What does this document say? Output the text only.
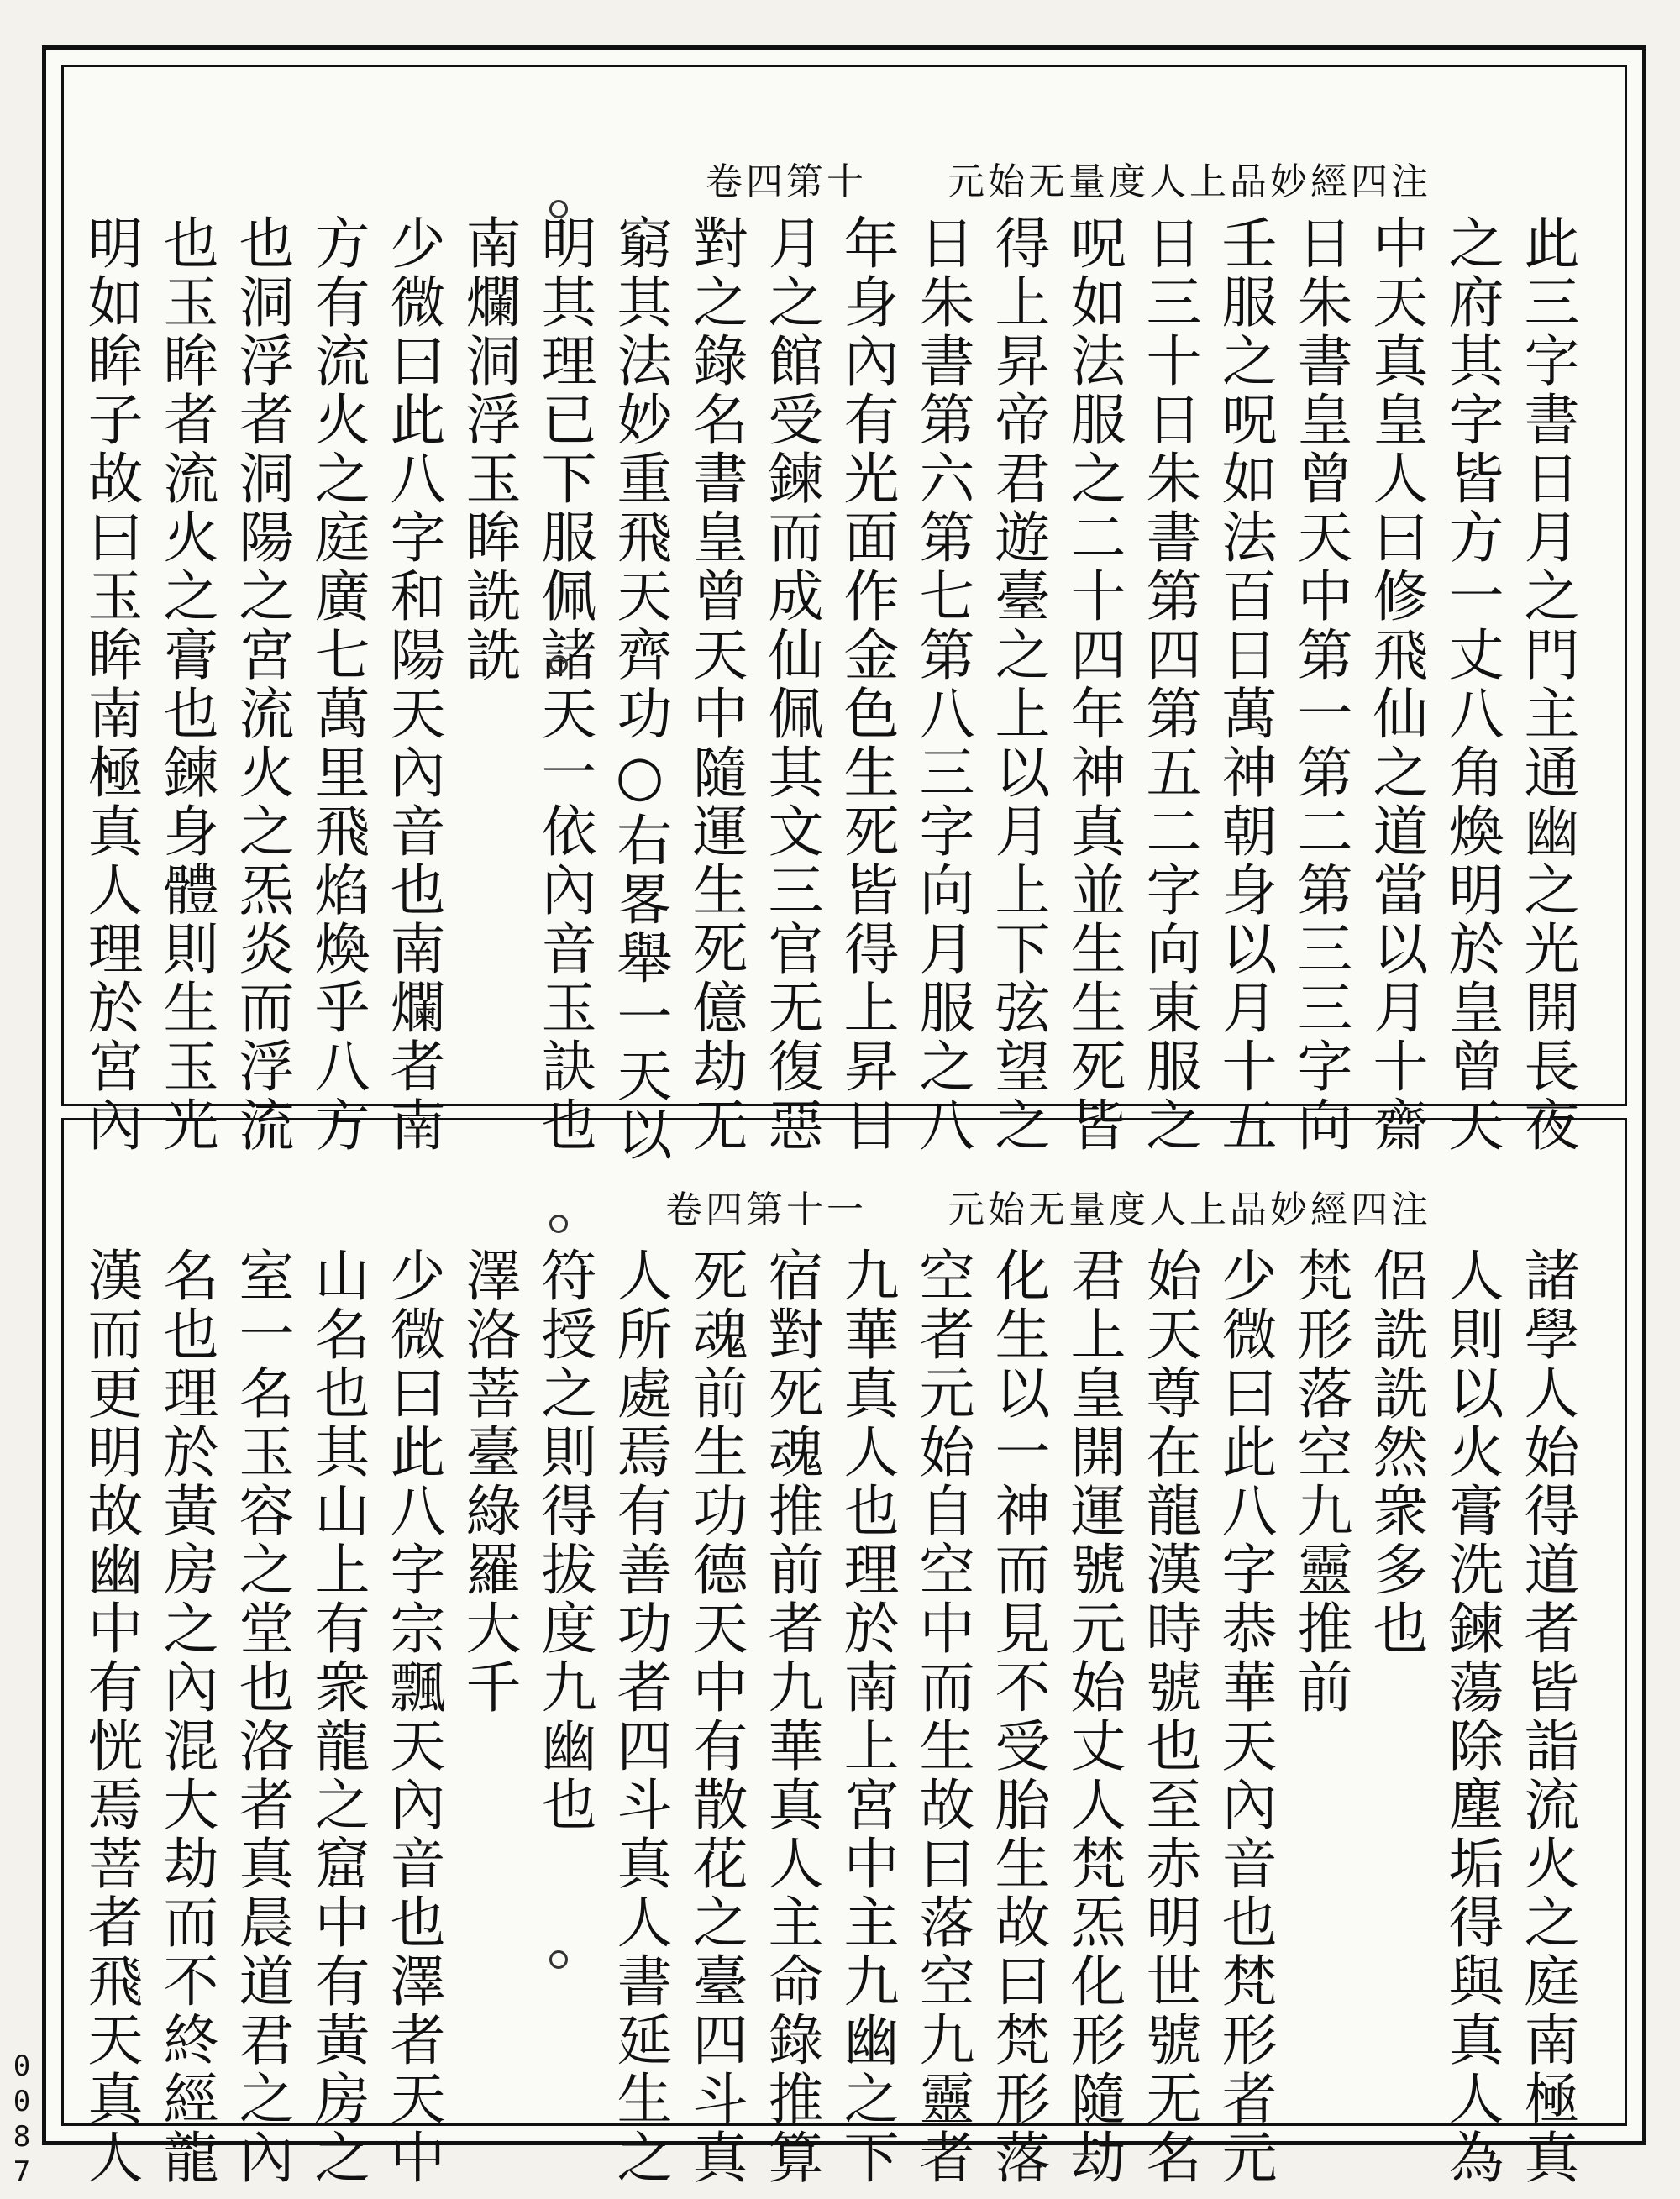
元始无量度人上品妙經四注
卷四第十
此三字書日月之門主通幽之光開長夜
之府其字皆方一丈八角煥明於皇曾天
中天真皇人曰修飛仙之道當以月十齋
日朱書皇曾天中第一第二第三三字向
壬服之呪如法百日萬神朝身以月十五
日三十日朱書第四第五二字向東服之
呪如法服之二十四年神真並生生死皆
得上昇帝君遊臺之上以月上下弦望之
日朱書第六第七第八三字向月服之八
年身內有光面作金色生死皆得上昇日
月之館受鍊而成仙佩其文三官无復惡
對之錄名書皇曾天中隨運生死億劫无
窮其法妙重飛天齊功○右畧舉一天以
明其理已下服佩諸天一依內音玉訣也
南爛洞浮玉眸詵詵
少微曰此八字和陽天內音也南爛者南
方有流火之庭廣七萬里飛焰煥乎八方
也洞浮者洞陽之宮流火之炁炎而浮流
也玉眸者流火之膏也鍊身體則生玉光
明如眸子故曰玉眸南極真人理於宮內
元始无量度人上品妙經四注
卷四第十一
諸學人始得道者皆詣流火之庭南極真
人則以火膏洗鍊蕩除塵垢得與真人為
侶詵詵然衆多也
梵形落空九靈推前
少微曰此八字恭華天內音也梵形者元
始天尊在龍漢時號也至赤明世號无名
君上皇開運號元始丈人梵炁化形隨劫
化生以一神而見不受胎生故曰梵形落
空者元始自空中而生故曰落空九靈者
九華真人也理於南上宮中主九幽之下
宿對死魂推前者九華真人主命錄推算
死魂前生功德天中有散花之臺四斗真
人所處焉有善功者四斗真人書延生之
符授之則得拔度九幽也
澤洛菩臺綠羅大千
少微曰此八字宗飄天內音也澤者天中
山名也其山上有衆龍之窟中有黃房之
室一名玉容之堂也洛者真晨道君之內
名也理於黃房之內混大劫而不終經龍
漢而更明故幽中有恍焉菩者飛天真人
0087
